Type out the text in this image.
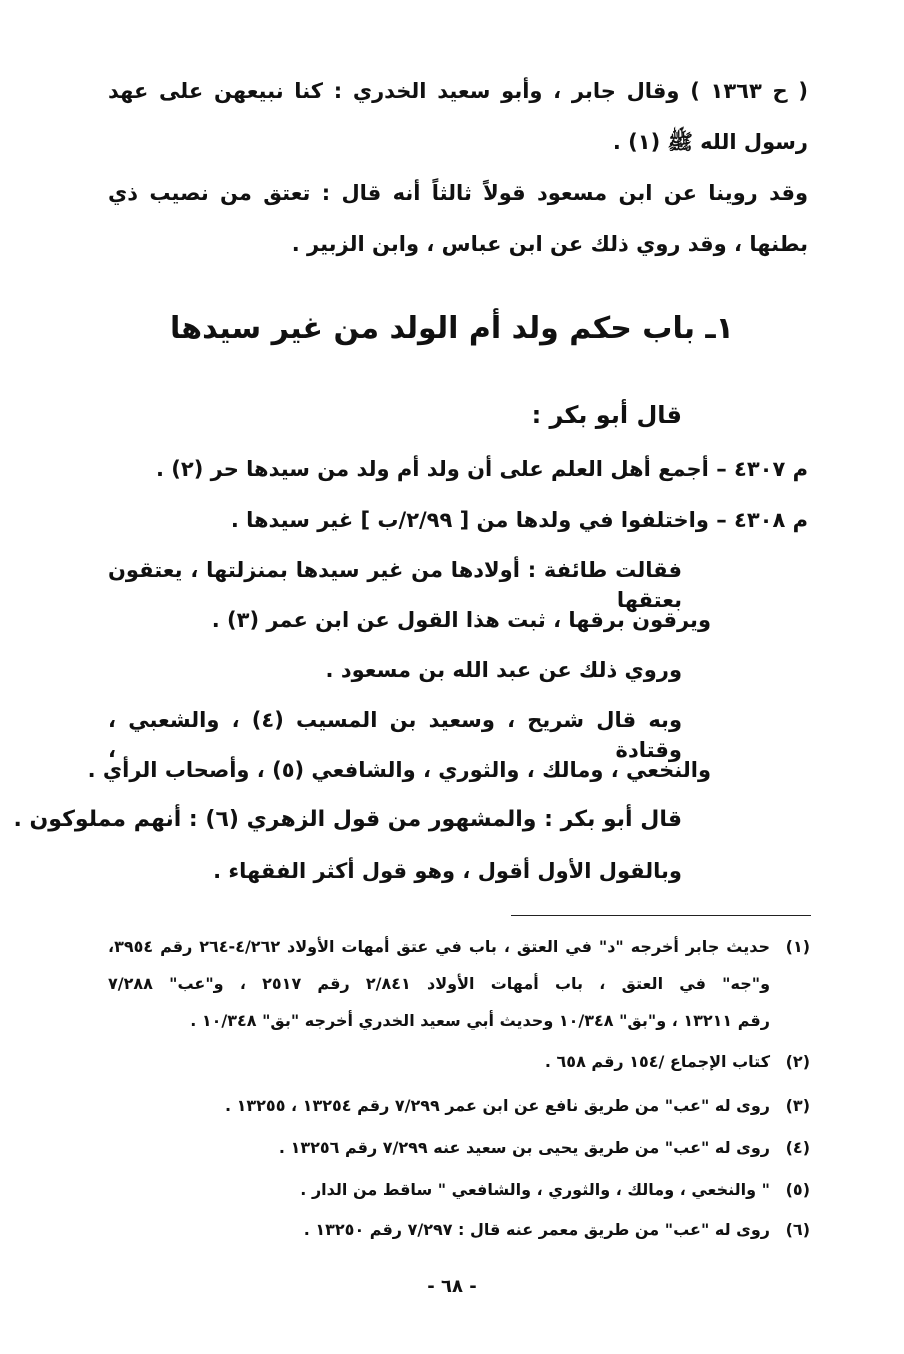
( ح ١٣٦٣ ) وقال جابر ، وأبو سعيد الخدري : كنا نبيعهن على عهد
رسول الله ﷺ (١) .
وقد روينا عن ابن مسعود قولاً ثالثاً أنه قال : تعتق من نصيب ذي
بطنها ، وقد روي ذلك عن ابن عباس ، وابن الزبير .
١ـ باب حكم ولد أم الولد من غير سيدها
قال أبو بكر :
م ٤٣٠٧ – أجمع أهل العلم على أن ولد أم ولد من سيدها حر (٢) .
م ٤٣٠٨ – واختلفوا في ولدها من [ ٢/٩٩/ب ] غير سيدها .
فقالت طائفة : أولادها من غير سيدها بمنزلتها ، يعتقون بعتقها
ويرقون برقها ، ثبت هذا القول عن ابن عمر (٣) .
وروي ذلك عن عبد الله بن مسعود .
وبه قال شريح ، وسعيد بن المسيب (٤) ، والشعبي ، وقتادة ،
والنخعي ، ومالك ، والثوري ، والشافعي (٥) ، وأصحاب الرأي .
قال أبو بكر : والمشهور من قول الزهري (٦) : أنهم مملوكون .
وبالقول الأول أقول ، وهو قول أكثر الفقهاء .
(١)حديث جابر أخرجه "د" في العتق ، باب في عتق أمهات الأولاد ٤/٢٦٢-٢٦٤ رقم ٣٩٥٤،
و"جه" في العتق ، باب أمهات الأولاد ٢/٨٤١ رقم ٢٥١٧ ، و"عب" ٧/٢٨٨
رقم ١٣٢١١ ، و"بق" ١٠/٣٤٨ وحديث أبي سعيد الخدري أخرجه "بق" ١٠/٣٤٨ .
(٢)كتاب الإجماع /١٥٤ رقم ٦٥٨ .
(٣)روى له "عب" من طريق نافع عن ابن عمر ٧/٢٩٩ رقم ١٣٢٥٤ ، ١٣٢٥٥ .
(٤)روى له "عب" من طريق يحيى بن سعيد عنه ٧/٢٩٩ رقم ١٣٢٥٦ .
(٥)" والنخعي ، ومالك ، والثوري ، والشافعي " ساقط من الدار .
(٦)روى له "عب" من طريق معمر عنه قال : ٧/٢٩٧ رقم ١٣٢٥٠ .
- ٦٨ -
